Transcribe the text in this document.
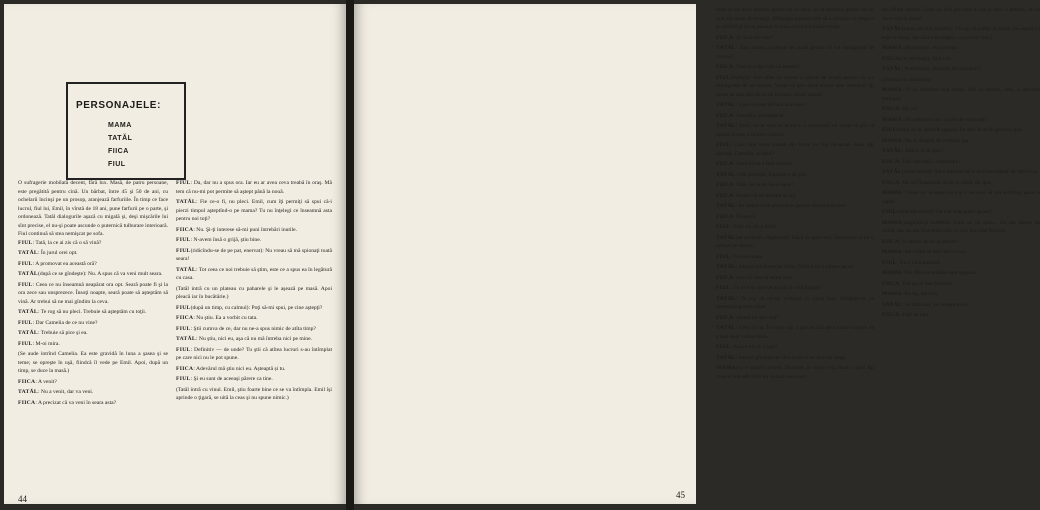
PERSONAJELE:
MAMA
TATĂL
FIICA
FIUL

O sufragerie mobilată decent, fără lux. Masă, de patru persoane, este pregătită pentru cină. Un bărbat, între 45 şi 50 de ani, cu ochelarii încinşi pe un prosop, aranjează farfuriile. În timp ce face lucrul, fiul lui, Emil, în vîrstă de 18 ani, pune farfurii pe o parte, şi ordonează. Tatăl dialogurile aşază cu migală şi, deşi mişcările lui sînt precise, el nu-şi poate ascunde o puternică tulburare interioară. Fiul continuă să stea nemişcat pe sofa.

FIUL: Tată, la ce ai zis că o să vină?

TATĂL: În jurul orei opt.

FIUL: A promovat ea această oră?

TATĂL(după ce se gîndeşte): Nu. A spus că va veni mult seara.

FIUL: Ceea ce nu înseamnă neapărat ora opt. Seară poate fi şi la ora zece sau unsprezece. Însoţi noapte, seară poate să aşteptăm să vină. Ar trebui să ne mai gîndim la ceva.

TATĂL: Te rog să nu pleci. Trebuie să aşteptăm cu toţii.

FIUL: Dar Camelia de ce nu vine?

TATĂL: Trebuie să pice şi ea.

FIUL: M-oi mira.

(Se aude intrînd Camelia. Ea este gravidă în luna a şasea şi se teme; se opreşte în uşă, fiindcă îl vede pe Emil. Apoi, după un timp, se duce la masă.)

FIICA: A venit?

TATĂL: Nu a venit, dar va veni.

FIICA: A precizat că va veni în seara asta?

FIUL: Da, dar nu a spus ora. Iar eu ar avea ceva treabă în oraş. Mă tem că nu-mi pot permite să aştept până la nouă.

TATĂL: Fie ce-o fi, nu pleci. Emil, cum îţi permiţi să spui că-i pierzi timpul aşteptînd-o pe mama? Tu nu înţelegi ce înseamnă asta pentru noi toţi?

FIICA: Nu. Şi-ţi interese să-mi puni întrebări inutile.

FIUL: N-avem însă o grijă, ştiu bine.

FIUL(ridicîndu-se de pe pat, enervat): Nu vreau să mă spionaţi toată seara!

TATĂL: Tot ceea ce noi trebuie să ştim, este ce a spus ea în legătură cu casa.

(Tatăl intră cu un plateau cu paharele şi le aşează pe masă. Apoi pleacă iar în bucătărie.)

FIUL(după un timp, cu calmul): Poţi să-mi spui, pe cine aştepţi?

FIICA: Nu ştiu. Ea a vorbit cu tata.

FIUL: Ştii cumva de ce, dar nu ne-a spus nimic de atîta timp?

TATĂL: Nu ştiu, nici eu, aşa că nu mă întreba nici pe mine.

FIUL: Definitiv — de unde? Tu ştii că atîtea lucruri s-au întîmplat pe care nici nu le pot spune.

FIICA: Adevărul mă ştiu nici eu. Așteaptă și tu.

FIUL: Şi eu sunt de aceeaşi părere ca tine.

(Tatăl intră cu vinul. Emil, ştiu foarte bine ce se va întîmpla. Emil îşi aprinde o ţigară, se uită la ceas şi nu spune nimic.)

44

buie să vii dacă aceasta pentru ea ce face. Şi se întoarce pentru că nu mai are unde să meargă. Obligaţia noastră este să o primim cu respect şi căldură şi să ne purtăm frumos cu ea (cu bunăvoinţă).

FIICA: Şi dacă nu vine?

TATĂL: Tata, mama a plecat de acasă pentru că s-a îndrăgostit de cineva?

FIICA: Cine ţi-a dat voie să întrebi?

FIUL(îndîrjit): Am aflat că mama a plecat de acasă pentru că s-a îndrăgostit de un bărbat. Vreau să ştiu dacă acesta este adevărul. Şi vreau să mai ştiu de ce ne întoarce acum înapoi.

TATĂL: Cum a putut să facă asa ceva?

FIICA: Camelia, linişteşte-te.

TATĂL: Emil, ce-ai spus tu acum e o minciună; eu vreau să ştii că mama ta este o femeie cinstită.

FIUL: Cele mai bune mame din lume nu fug de-acasă după alţi bărbaţi. Camelia, ce spui?

FIICA: Cred că nu a fost nimeni.

TATĂL: Mă priveşte. Înapoiat e să ştiu.

FIICA: Tată, de ce nu ne-ai spus?

FIICA: Pentru că nu meritai să ştii.

TATĂL: Ar trebui să te pălmuiesc pentru obrăznicia asta.

FIICA: Încearcă.

FIUL: Tată, nu mi-e frică!

TATĂL(se gîndeşte, îngrijorat): Dacă ai spus asta, înseamnă că nu o iubeşti pe mama.

FIUL: Nu mă doare.

TATĂL: Atunci mă doare pe mine, fiindcă eu o iubesc pe ea.

FIICA: Ştiu că vine în seara asta.

FIUL: Tu ai fost oare de acord să vină înapoi?

TATĂL: Te rog să nu-mi vorbeşti cu tonul ăsta. Gîndeşte-te ce înseamnă pentru mine.

FIICA: Mama nu are chei?

TATĂL: Cred că da. În orice caz, a plecat fără prea multe lucruri, ea a luat doar valiza mică.

FIUL: Asta e tot ce a luat?

TATĂL: Atunci gîndeşte-te. Am avut cu ea discuţii lungi.

MAMA(cu o uşoară ironie): Doamne, ce mari v-aţi făcut, copii! Aţi crescut într-atît încît nu vă mai recunosc.

tor. (Bate atentă). Emil îşi lasă privirea în jos şi tace. Camelia, de ce nu te uiţi la mine?

TATĂL(pune cel mai dreptul): Vă rog să poftiţi la masă. (Se aşază cu toţii la masă, dar fără convingere, cu priviri fixe.)

MAMA: Mulţumesc, eu nu beau.

FIICA(cu reticenţă): Nici noi.

TATĂL: Poftă bună. (Pauză). Nu mănânci?

(Nimeni nu mănâncă)

MAMA: O să mîncăm mai tîrziu. Hai să facem, întîi, o discuţie serioasă.

FIICA: De ce?

MAMA: Nu aşteptăm nici un fel de explicaţii.

FIUL(după ce îşi aprinde ţigara): Eu ştiu ce ai de gînd să spui.

MAMA: Nu ai dreptul să vorbeşti aşa.

TATĂL: Adică ce să spui?

FIICA: Fiul aşteaptă o explicaţie?

TATĂL(către mama): Nu e necesar să te dezvinovăţeşti de faţă cu ei.

FIICA: De ce? Înseamnă că nu ai nimic de spus.

MAMA: Vreau să vă spun ceva şi e necesar să mă ascultaţi până la capăt.

FIUL(dînd din umeri): Ce s-ar mai putea spune?

MAMA(trăgîndu-şi sufletul): Cum să vă spun... Eu am plecat de acasă, dar nu am fost nefericită cu voi. Am fost fericită.

FIICA: Şi atunci de ce ai plecat?

MAMA: Am venit să mă văd cu voi.

FIUL: Nu e vina noastră.

MAMA: Nu. Mă-am stabilit asta singură.

FIICA: Dar nu ai fost fericită?

MAMA: Ba da, am fost.

TATĂL: Să mîncăm. Se răceşte totul.

FIICA: Faţă de tata

45
